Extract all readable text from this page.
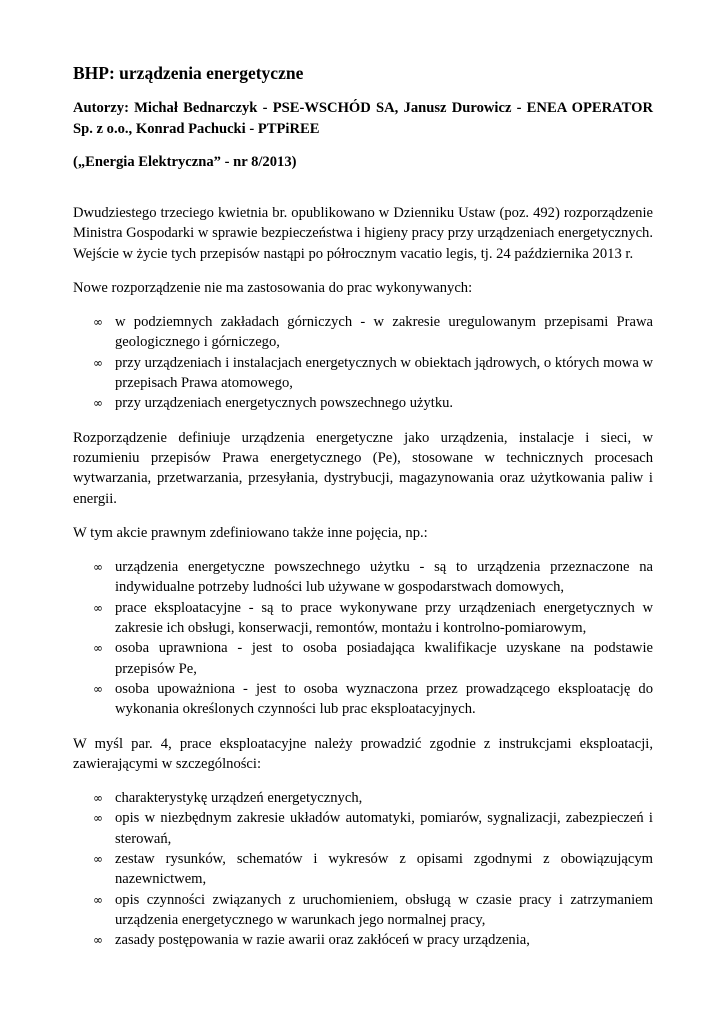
BHP: urządzenia energetyczne
Autorzy: Michał Bednarczyk - PSE-WSCHÓD SA, Janusz Durowicz - ENEA OPERATOR Sp. z o.o., Konrad Pachucki - PTPiREE
(„Energia Elektryczna” - nr 8/2013)

Dwudziestego trzeciego kwietnia br. opublikowano w Dzienniku Ustaw (poz. 492) rozporządzenie Ministra Gospodarki w sprawie bezpieczeństwa i higieny pracy przy urządzeniach energetycznych. Wejście w życie tych przepisów nastąpi po półrocznym vacatio legis, tj. 24 października 2013 r.

Nowe rozporządzenie nie ma zastosowania do prac wykonywanych:

∞ w podziemnych zakładach górniczych - w zakresie uregulowanym przepisami Prawa geologicznego i górniczego,
∞ przy urządzeniach i instalacjach energetycznych w obiektach jądrowych, o których mowa w przepisach Prawa atomowego,
∞ przy urządzeniach energetycznych powszechnego użytku.

Rozporządzenie definiuje urządzenia energetyczne jako urządzenia, instalacje i sieci, w rozumieniu przepisów Prawa energetycznego (Pe), stosowane w technicznych procesach wytwarzania, przetwarzania, przesyłania, dystrybucji, magazynowania oraz użytkowania paliw i energii.

W tym akcie prawnym zdefiniowano także inne pojęcia, np.:

∞ urządzenia energetyczne powszechnego użytku - są to urządzenia przeznaczone na indywidualne potrzeby ludności lub używane w gospodarstwach domowych,
∞ prace eksploatacyjne - są to prace wykonywane przy urządzeniach energetycznych w zakresie ich obsługi, konserwacji, remontów, montażu i kontrolno-pomiarowym,
∞ osoba uprawniona - jest to osoba posiadająca kwalifikacje uzyskane na podstawie przepisów Pe,
∞ osoba upoważniona - jest to osoba wyznaczona przez prowadzącego eksploatację do wykonania określonych czynności lub prac eksploatacyjnych.

W myśl par. 4, prace eksploatacyjne należy prowadzić zgodnie z instrukcjami eksploatacji, zawierającymi w szczególności:

∞ charakterystykę urządzeń energetycznych,
∞ opis w niezbędnym zakresie układów automatyki, pomiarów, sygnalizacji, zabezpieczeń i sterowań,
∞ zestaw rysunków, schematów i wykresów z opisami zgodnymi z obowiązującym nazewnictwem,
∞ opis czynności związanych z uruchomieniem, obsługą w czasie pracy i zatrzymaniem urządzenia energetycznego w warunkach jego normalnej pracy,
∞ zasady postępowania w razie awarii oraz zakłóceń w pracy urządzenia,
